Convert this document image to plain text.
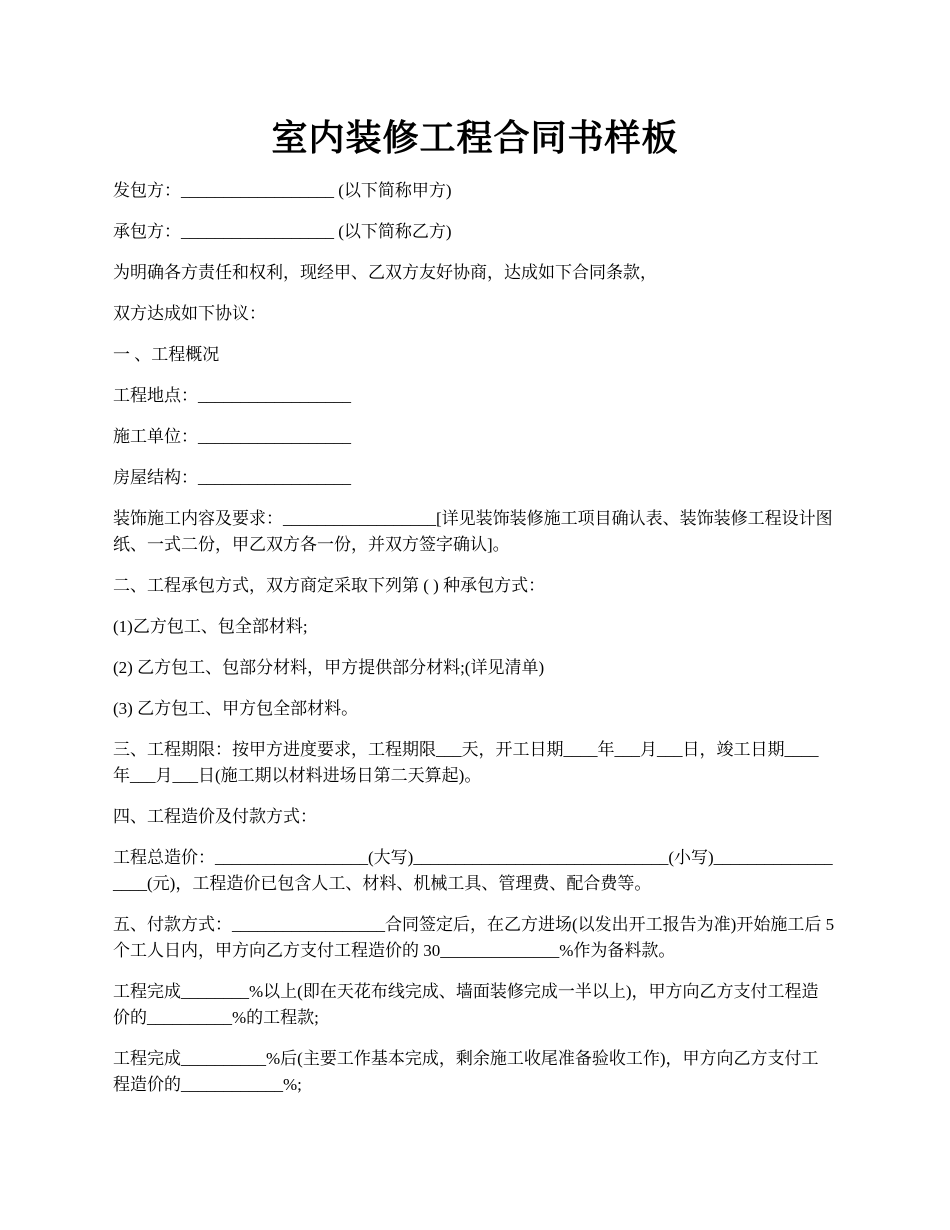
室内装修工程合同书样板

发包方：__________________ (以下简称甲方)

承包方：__________________ (以下简称乙方)

为明确各方责任和权利，现经甲、乙双方友好协商，达成如下合同条款，

双方达成如下协议：

一 、工程概况

工程地点：__________________

施工单位：__________________

房屋结构：__________________

装饰施工内容及要求：__________________[详见装饰装修施工项目确认表、装饰装修工程设计图纸、一式二份，甲乙双方各一份，并双方签字确认]。

二、工程承包方式，双方商定采取下列第 ( ) 种承包方式：

(1)乙方包工、包全部材料;

(2) 乙方包工、包部分材料，甲方提供部分材料;(详见清单)

(3) 乙方包工、甲方包全部材料。

三、工程期限：按甲方进度要求，工程期限___天，开工日期____年___月___日，竣工日期____年___月___日(施工期以材料进场日第二天算起)。

四、工程造价及付款方式：

工程总造价：__________________(大写)______________________________(小写)__________________(元)，工程造价已包含人工、材料、机械工具、管理费、配合费等。

五、付款方式：__________________合同签定后，在乙方进场(以发出开工报告为准)开始施工后 5 个工人日内，甲方向乙方支付工程造价的 30______________%作为备料款。

工程完成________%以上(即在天花布线完成、墙面装修完成一半以上)，甲方向乙方支付工程造价的__________%的工程款;

工程完成__________%后(主要工作基本完成，剩余施工收尾准备验收工作)，甲方向乙方支付工程造价的____________%;
